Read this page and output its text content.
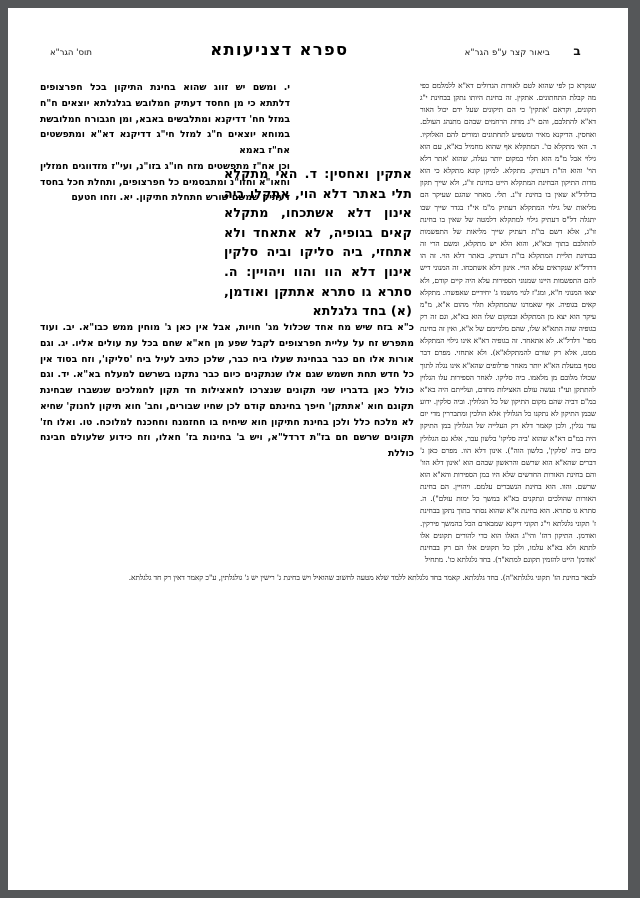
ב
ביאור קצר ע"פ הגר"א
ספרא דצניעותא
תוס' הגר"א
שנקרא כן לפי שהוא לטם לאורות הגדולים דא"א ללמלמם כפי מה קבלת התחתונים. אתקין. זה בחינת היותו נתקן בבחינת י"ג תקונים, וקראם 'אתקין' כי הם תיקונים שעל ידם יכול האור דא"א להתלבם, והם י"ג מדות הרחמים שבהם מתנהג העולם. ואחסין. הדיקנא מאיר ומשפיע לתחתונים ומורים להם האלוקיו. ד. האי מתקלא כו'. המתקלא אף שהוא מחמיל בא"א, עם הוא גילוי אבל מ"מ הוא תלוי במקום יותר נעלה, שהוא 'אתר דלא הוי' והוא הו"ת דעתיק. מתקלא. למיקן קונא מתקלא כי הוא מדות התיקון הבחינת המתקלא הייט בחינת זו"ג, ולא שייך תקון בדלדל"א שאין בו בחינת זו"נ. תלי. מאחר שהגם שעיקר הם מליאות של גילוי המתקלא דעתיק מ"מ אי"ז בגדר שייך שבו יתגלה דל"ס דעתיק גילוי למתקלא דלמטה של שאין בו בחינת זו"ג, אלא דשם בו"ת דעתיק שייך מליאות של התפשמות להתלבם בתוך ובא"א, והוא הלא יש מתקלא, ומשם הרי זה בבחינת תליית המתקלא בו"ת דעתיק. באתר דלא הוי. זה הו דרדל"א שנקראים עלא הויי. אינון דלא אשתכחו. זה המנוני דיש להם התפשמות היינו שמנוני הספירות עלא היה קיים קודם, ולא יצאו המנוני ח"א, ומג"ז לגוי מושמו ג' יחידיים שאפשרו. מתקלא קאים בגופיה. אף שאמרנו שהמתקלא תלוי מהום א"א, מ"מ עיקר הוא יצא מן המתקלא ובמקום שלו הוא בא"א, וגם זה רק בגופיה שזה התא"א שלו, שהם מלגיימם של א"א, ואין זה בחינת מפר' דלדל"א. לא אתאחד. זה בגופיה דא"א אינו גילוי המתקלא ממט, אלא רק שורם להמתקלא"א). ולא אתחזי. מפרם דבר טסף במעלת הא"א יותר מאחר פרלופים שהא"א אינו נגלה לתוך שכולו מלובם מן מלאמו. ביה סליקו. לאחר הספירות עלו הגלוין להתתקן ועי"ז נעשה עולם האצילות מחדם, ועלייתם היה בא"א במ"ם דביה שהם מקום התיקון של כל הגלולין. וביה סלקין. ידוע שבמן התיקון לא נתקנו כל הגלולין אלא הולכין ומתבררין מדי יום עוד נגלין, ולכן קאמר דלא רק העלייה של הגלולין במן התיקון היה במ"ם דא"א שהוא 'ביה סליקו' בלשון עבר, אלא גם הגלולין כיום ביה 'סלקין', בלשון הוה"). אינון דלא הוו. מפרם כאן ג' דברים שהא"א הוא שרשם והראשון שבהם הוא 'אינון דלא הוו' והם בחינת האורות החדשים שלא היו במן הספירות והא"א הוא שרשם. והוו. הוא בחינת הנשברים עלמם. ויהויין. הם בחינת האורות שהולכים ונתקנים בא"א במשך כל ימות עולם"). ה. סתרא גו סתרא. הוא בחינת א"א שהוא נסתר בתוך נתקן בבחינת ז' תקוני גלגלתא וי"ג תקוני דיקנא שמבארם הכל בהמשך פירקין. ואודמן. התיקון דהז' והי"ג האלו הוא כדי להורים תקונים אלו לתתא ולא בא"א עלמו, ולכן כל תקונים אלו הם רק בבחינת 'אודמן' הייט להזמין תקונם למתא"ד). בחד גלגלתא כו'. מתחיל
אתקין ואחסין: ד. האי מתקלא תלי באתר דלא הוי, אתקלו ביה אינון דלא אשתכחו, מתקלא קאים בגופיה, לא אתאחד ולא אתחזי, ביה סליקו וביה סלקין אינון דלא הוו והוו ויהויין: ה. סתרא גו סתרא אתתקן ואודמן, (א) בחד גלגלתא
י. ומשם יש זווג שהוא בחינת התיקון בכל חפרצופים דלתתא כי מן חחסד דעתיק חמלובש בגלגלתא יוצאים ח"ח במזל חח' דדיקנא ומתלבשים באבא, ומן חגבורח חמלובשת במוחא יוצאים ח"ג למזל חי"ג דדיקנא דא"א ומתפשטים אח"ז באמא
וכן אח"ז מתפשטים מזח חו"ג בזו"נ, ועי"ז מזדווגים חמזלין וחאו"א וחזו"נ ומתבסמים כל חפרצופים, ותחלת חכל בחסד דעתיק שמשם שורש חתחלת חתיקון. יא. וזחו חטעם
כ"א בזח שיש מח אחד שכלול מג' חויות, אבל אין כאן ג' מוחין ממש כבו"א. יב. ועוד מתפרש זח על עליית חפרצופים לקבל שפע מן חא"א שחם בכל עת עולים אליו. יג. וגם אורות אלו חם כבר בבחינת שעלו ביח כבר, שלכן כתיב לעיל ביח 'סליקו', וזח בסוד אין כל חדש תחת חשמש שגם אלו שנתקנים כיום כבר נתקנו בשרשם למעלח בא"א. יד. וגם כולל כאן בדבריו שני תקונים שנצרכו לחאצילות חד תקון לחמלכים שנשברו שבחינת תקונם חוא 'אתתקן' חיפך בחינתם קודם לכן שחיו שבורים, וחב' חוא תיקון לחנוק' שחיא לא מלכח כלל ולכן בחינת חתיקון חוא שיחיח בו חחזמנח וחחכנח למלוכח. טו. ואלו חז' תקונים שרשם חם בז"ת דרדל"א, ויש ב' בחינות בז' חאלו, וזח כידוע שלעולם חבינח כוללת
לבאר בחינת הז' תקוני גלגלתא"ה). בחד גלגלתא. קאמר בחד גלגלתא ללמד שלא מטעה לחשוב שהואיל ויש בחינת ג' רישין יש ג' גולגלתין, ע"כ קאמר דאין רק חד גלגלתא.
